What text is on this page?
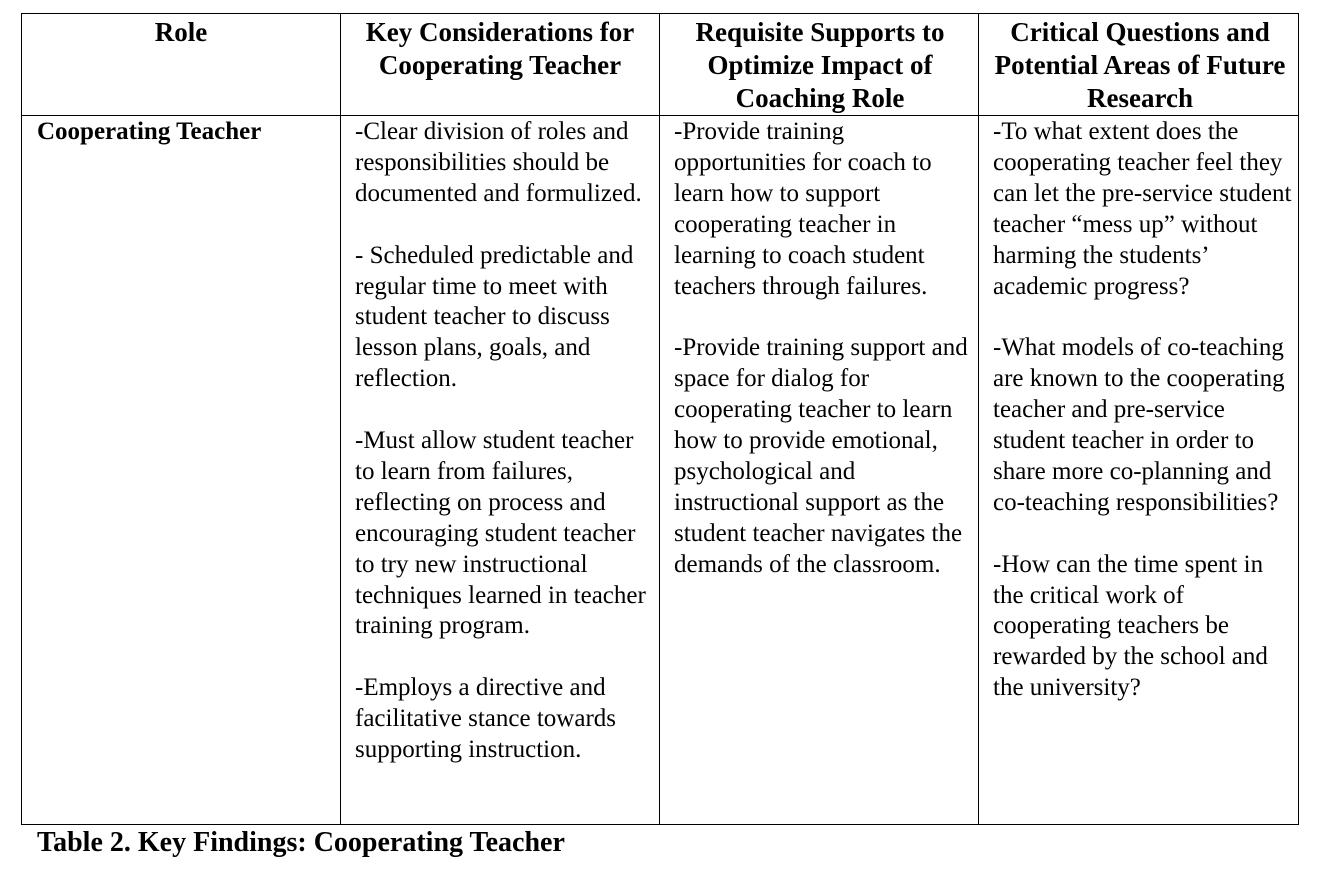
Role	Key Considerations for Cooperating Teacher
Requisite Supports to Optimize Impact of Coaching Role
Critical Questions and Potential Areas of Future Research
Cooperating Teacher	-Clear division of roles and responsibilities should be documented and formulized.

- Scheduled predictable and regular time to meet with student teacher to discuss lesson plans, goals, and reflection.

-Must allow student teacher to learn from failures, reflecting on process and encouraging student teacher to try new instructional techniques learned in teacher training program.

-Employs a directive and facilitative stance towards supporting instruction.

-Provide training opportunities for coach to learn how to support cooperating teacher in learning to coach student teachers through failures.

-Provide training support and space for dialog for cooperating teacher to learn how to provide emotional, psychological and instructional support as the student teacher navigates the demands of the classroom.

-To what extent does the cooperating teacher feel they can let the pre-service student teacher “mess up” without harming the students’ academic progress?

-What models of co-teaching are known to the cooperating teacher and pre-service student teacher in order to share more co-planning and co-teaching responsibilities?

-How can the time spent in the critical work of cooperating teachers be rewarded by the school and the university?

Table 2. Key Findings: Cooperating Teacher
